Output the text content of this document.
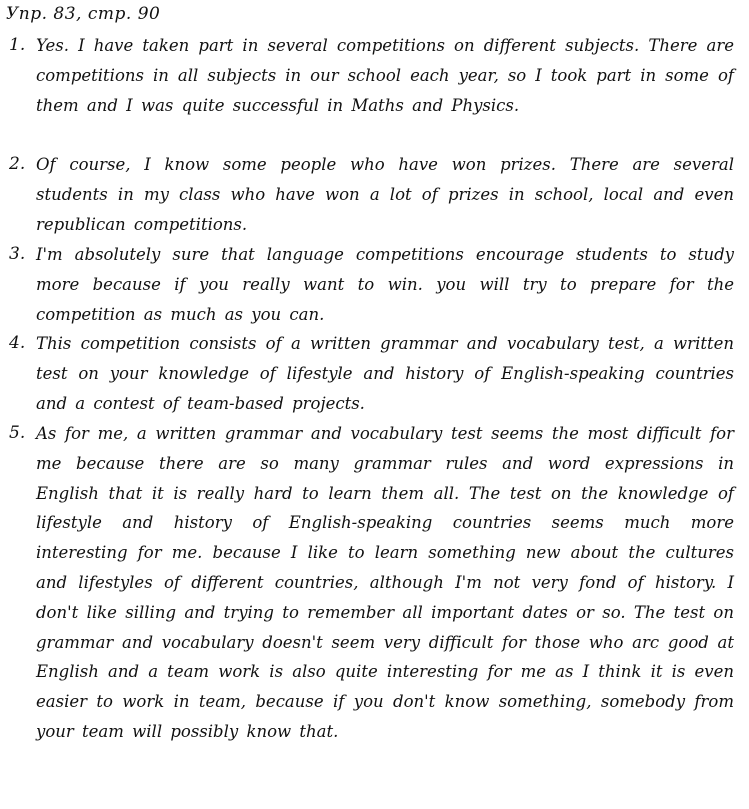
Упр. 83, стр. 90
1. Yes. I have taken part in several competitions on different subjects. There are competitions in all subjects in our school each year, so I took part in some of them and I was quite successful in Maths and Physics.
2. Of course, I know some people who have won prizes. There are several students in my class who have won a lot of prizes in school, local and even republican competitions.
3. I'm absolutely sure that language competitions encourage students to study more because if you really want to win. you will try to prepare for the competition as much as you can.
4. This competition consists of a written grammar and vocabulary test, a written test on your knowledge of lifestyle and history of English-speaking countries and a contest of team-based projects.
5. As for me, a written grammar and vocabulary test seems the most difficult for me because there are so many grammar rules and word expressions in English that it is really hard to learn them all. The test on the knowledge of lifestyle and history of English-speaking countries seems much more interesting for me. because I like to learn something new about the cultures and lifestyles of different countries, although I'm not very fond of history. I don't like silling and trying to remember all important dates or so. The test on grammar and vocabulary doesn't seem very difficult for those who arc good at English and a team work is also quite interesting for me as I think it is even easier to work in team, because if you don't know something, somebody from your team will possibly know that.
